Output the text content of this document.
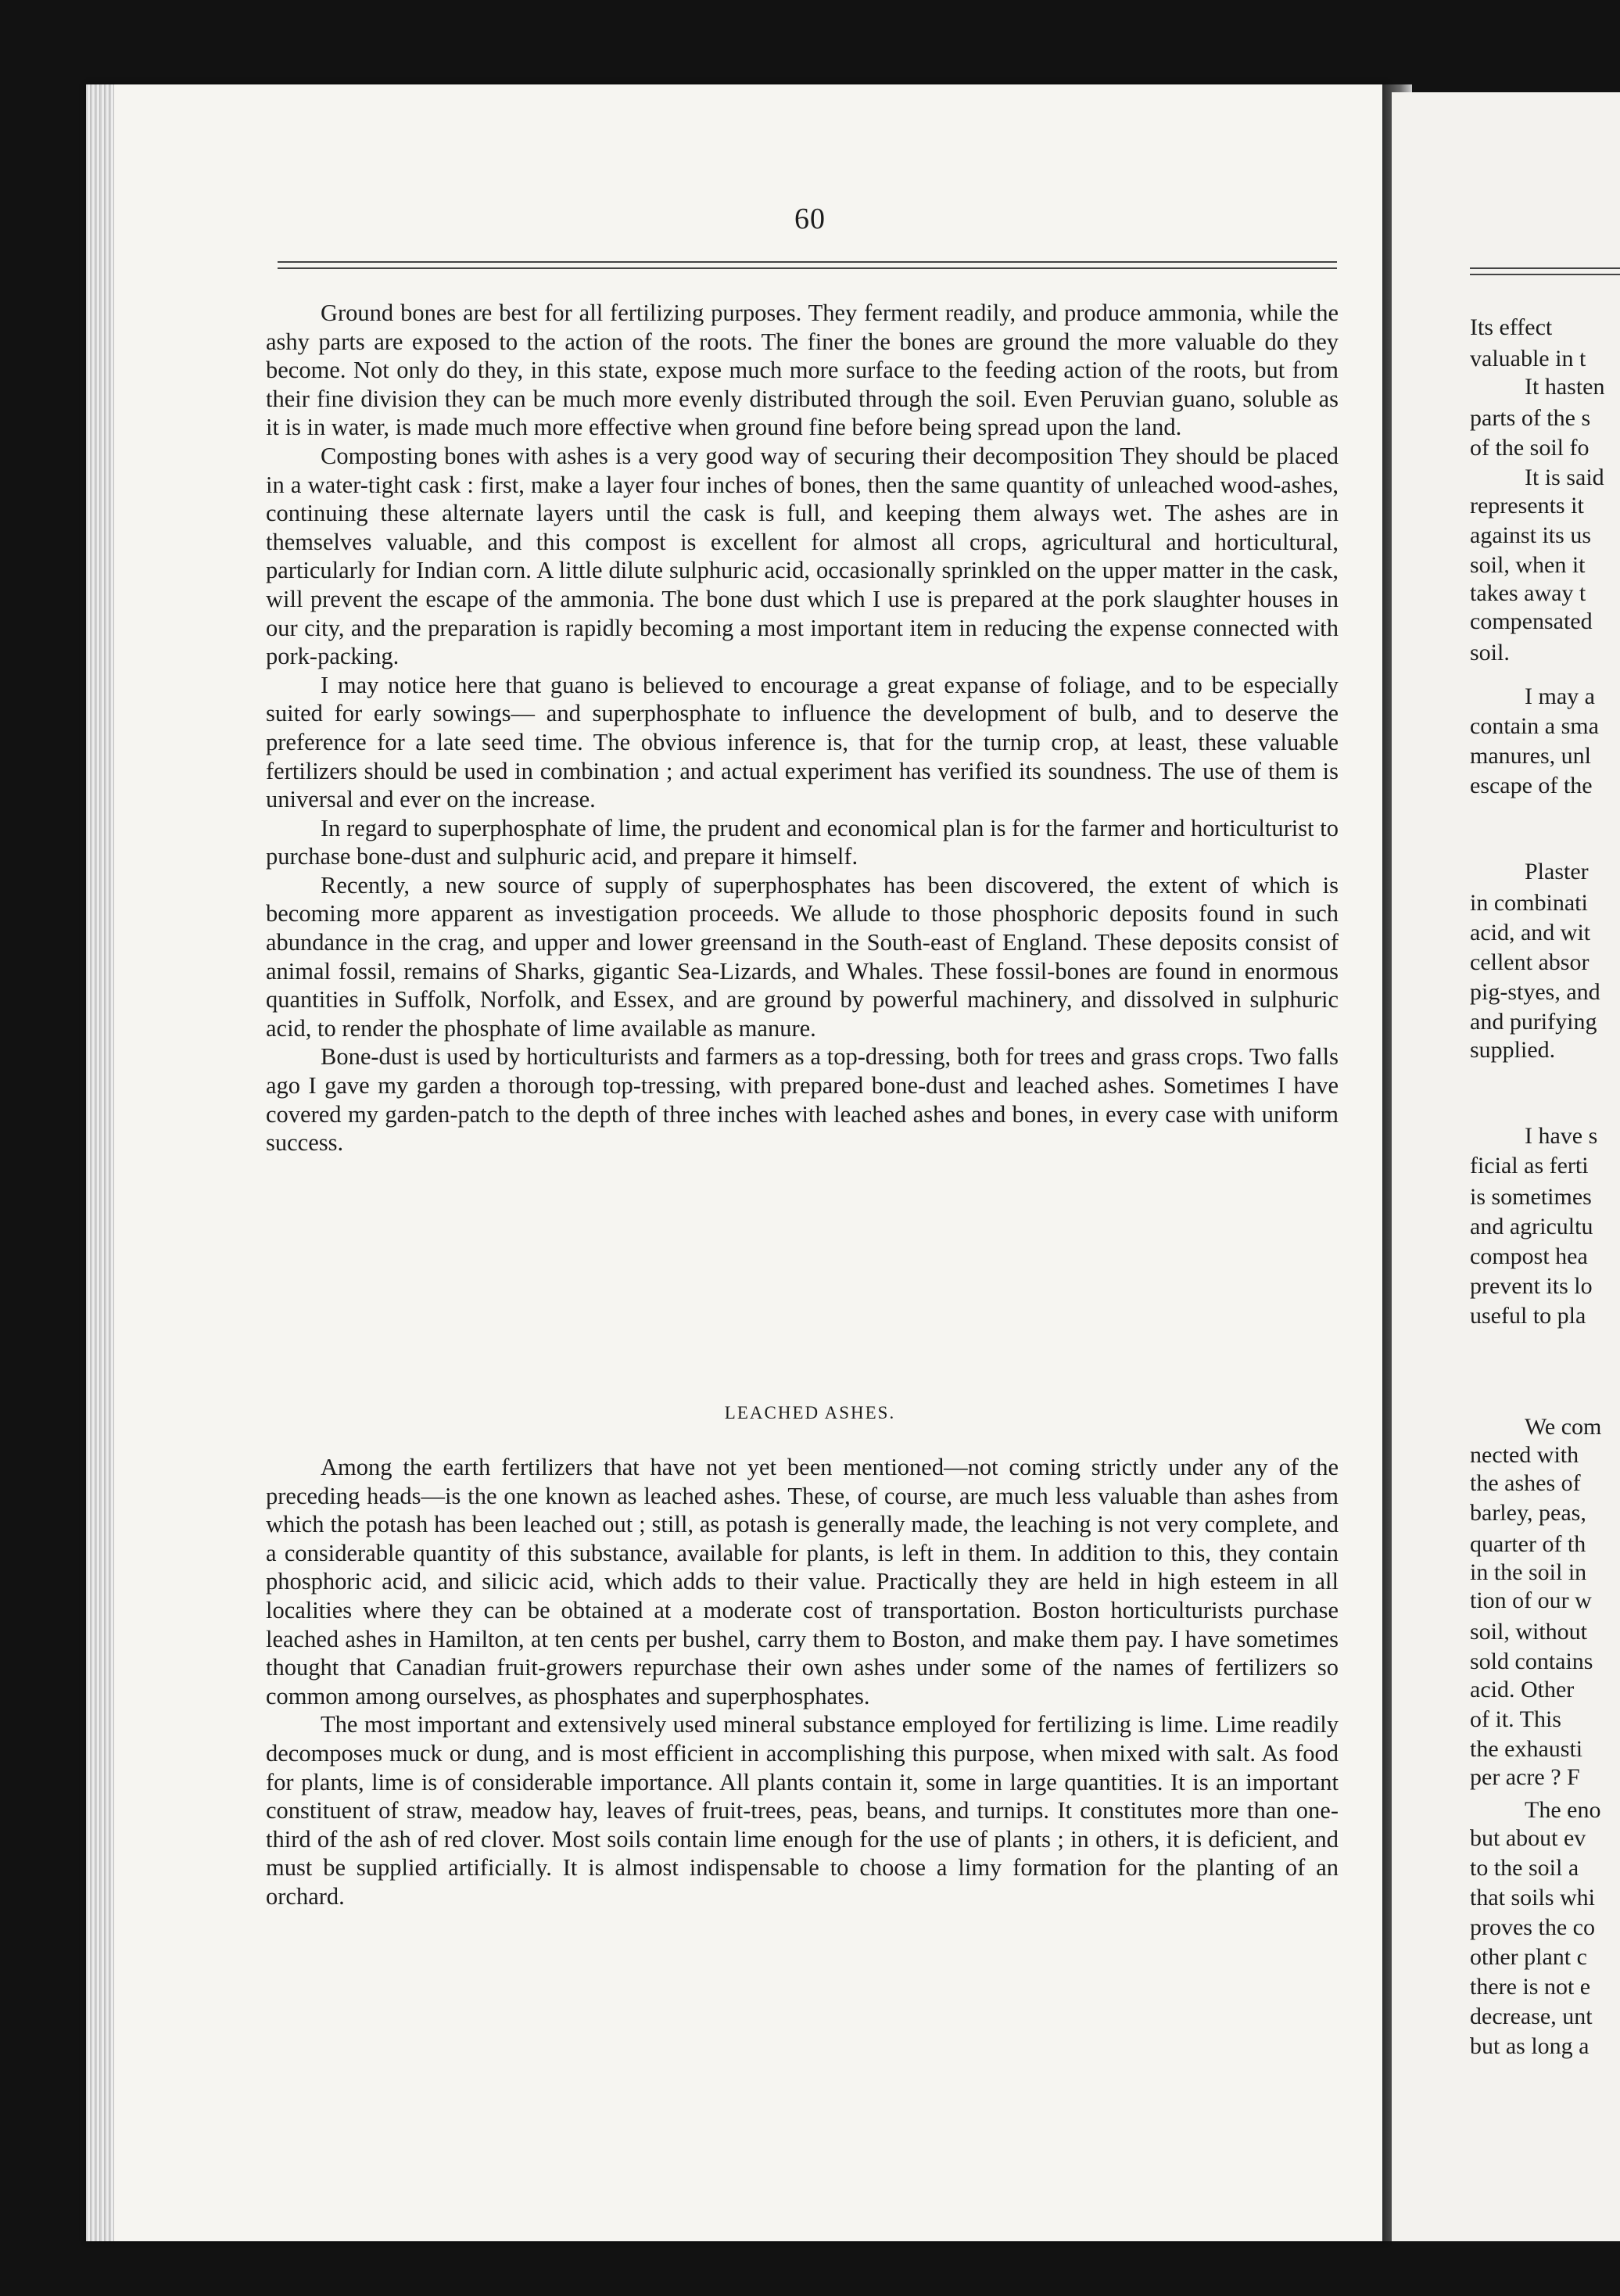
60

Ground bones are best for all fertilizing purposes. They ferment readily, and produce ammonia, while the ashy parts are exposed to the action of the roots. The finer the bones are ground the more valuable do they become. Not only do they, in this state, expose much more surface to the feeding action of the roots, but from their fine division they can be much more evenly distributed through the soil. Even Peruvian guano, soluble as it is in water, is made much more effective when ground fine before being spread upon the land.

Composting bones with ashes is a very good way of securing their decomposition They should be placed in a water-tight cask : first, make a layer four inches of bones, then the same quantity of unleached wood-ashes, continuing these alternate layers until the cask is full, and keeping them always wet. The ashes are in themselves valuable, and this compost is excellent for almost all crops, agricultural and horticultural, particularly for Indian corn. A little dilute sulphuric acid, occasionally sprinkled on the upper matter in the cask, will prevent the escape of the ammonia. The bone dust which I use is prepared at the pork slaughter houses in our city, and the preparation is rapidly becoming a most important item in reducing the expense connected with pork-packing.

I may notice here that guano is believed to encourage a great expanse of foliage, and to be especially suited for early sowings— and superphosphate to influence the development of bulb, and to deserve the preference for a late seed time. The obvious inference is, that for the turnip crop, at least, these valuable fertilizers should be used in combination ; and actual experiment has verified its soundness. The use of them is universal and ever on the increase.

In regard to superphosphate of lime, the prudent and economical plan is for the farmer and horticulturist to purchase bone-dust and sulphuric acid, and prepare it himself.

Recently, a new source of supply of superphosphates has been discovered, the extent of which is becoming more apparent as investigation proceeds. We allude to those phosphoric deposits found in such abundance in the crag, and upper and lower greensand in the South-east of England. These deposits consist of animal fossil, remains of Sharks, gigantic Sea-Lizards, and Whales. These fossil-bones are found in enormous quantities in Suffolk, Norfolk, and Essex, and are ground by powerful machinery, and dissolved in sulphuric acid, to render the phosphate of lime available as manure.

Bone-dust is used by horticulturists and farmers as a top-dressing, both for trees and grass crops. Two falls ago I gave my garden a thorough top-tressing, with prepared bone-dust and leached ashes. Sometimes I have covered my garden-patch to the depth of three inches with leached ashes and bones, in every case with uniform success.

LEACHED ASHES.

Among the earth fertilizers that have not yet been mentioned—not coming strictly under any of the preceding heads—is the one known as leached ashes. These, of course, are much less valuable than ashes from which the potash has been leached out ; still, as potash is generally made, the leaching is not very complete, and a considerable quantity of this substance, available for plants, is left in them. In addition to this, they contain phosphoric acid, and silicic acid, which adds to their value. Practically they are held in high esteem in all localities where they can be obtained at a moderate cost of transportation. Boston horticulturists purchase leached ashes in Hamilton, at ten cents per bushel, carry them to Boston, and make them pay. I have sometimes thought that Canadian fruit-growers repurchase their own ashes under some of the names of fertilizers so common among ourselves, as phosphates and superphosphates.

The most important and extensively used mineral substance employed for fertilizing is lime. Lime readily decomposes muck or dung, and is most efficient in accomplishing this purpose, when mixed with salt. As food for plants, lime is of considerable importance. All plants contain it, some in large quantities. It is an important constituent of straw, meadow hay, leaves of fruit-trees, peas, beans, and turnips. It constitutes more than one-third of the ash of red clover. Most soils contain lime enough for the use of plants ; in others, it is deficient, and must be supplied artificially. It is almost indispensable to choose a limy formation for the planting of an orchard.

Its effect
valuable in t
It hasten
parts of the s
of the soil fo
It is said
represents it
against its us
soil, when it
takes away t
compensated
soil.
I may a
contain a sma
manures, unl
escape of the
Plaster
in combinati
acid, and wit
cellent absor
pig-styes, and
and purifying
supplied.
I have s
ficial as ferti
is sometimes
and agricultu
compost hea
prevent its lo
useful to pla
We com
nected with
the ashes of
barley, peas,
quarter of th
in the soil in
tion of our w
soil, without
sold contains
acid. Other
of it. This
the exhausti
per acre ? F
The eno
but about ev
to the soil a
that soils whi
proves the co
other plant c
there is not e
decrease, unt
but as long a
